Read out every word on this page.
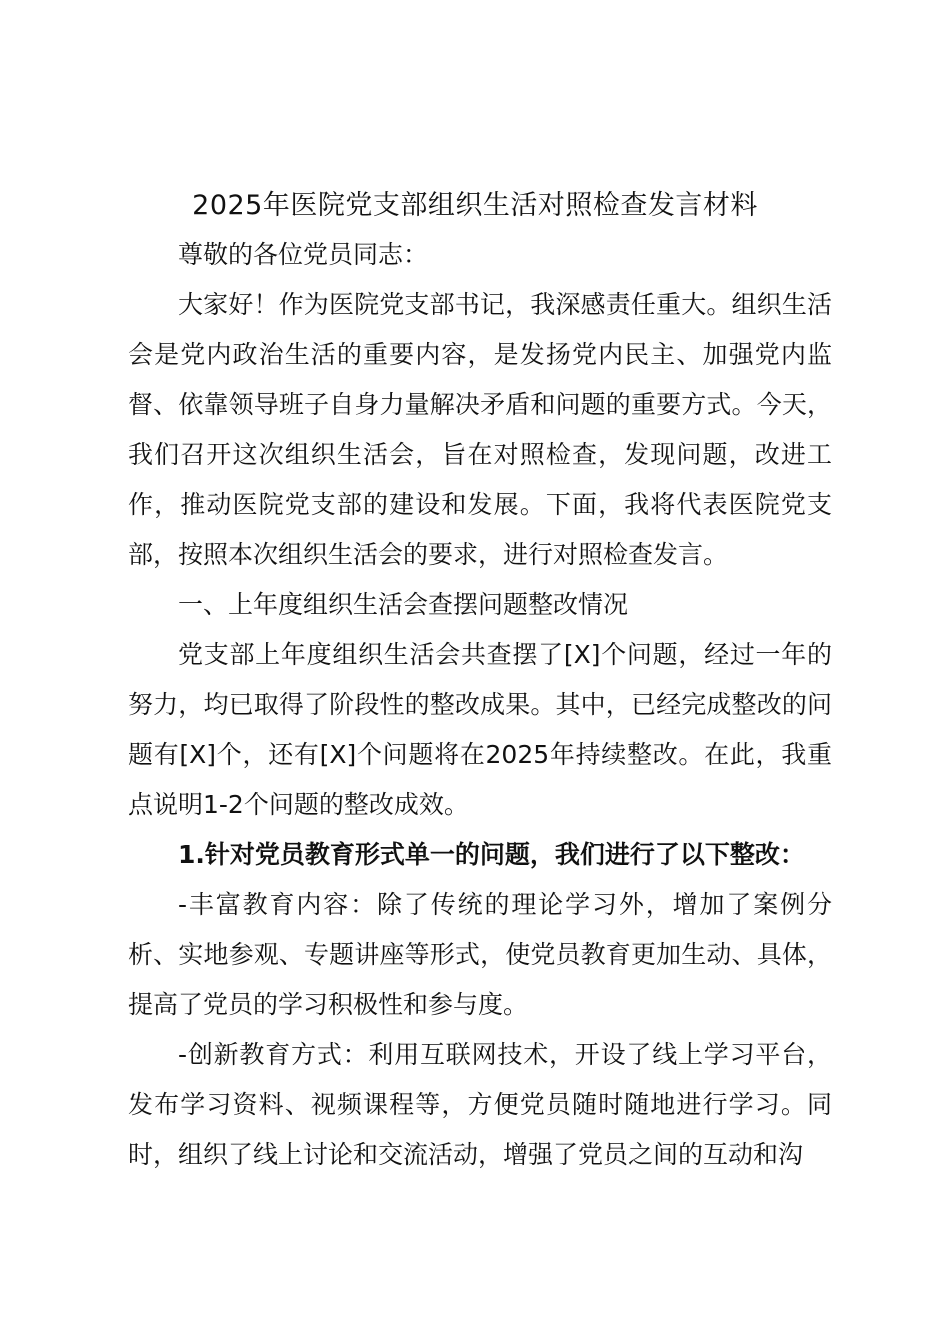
2025年医院党支部组织生活对照检查发言材料
尊敬的各位党员同志：
大家好！作为医院党支部书记，我深感责任重大。组织生活会是党内政治生活的重要内容，是发扬党内民主、加强党内监督、依靠领导班子自身力量解决矛盾和问题的重要方式。今天，我们召开这次组织生活会，旨在对照检查，发现问题，改进工作，推动医院党支部的建设和发展。下面，我将代表医院党支部，按照本次组织生活会的要求，进行对照检查发言。
一、上年度组织生活会查摆问题整改情况
党支部上年度组织生活会共查摆了[X]个问题，经过一年的努力，均已取得了阶段性的整改成果。其中，已经完成整改的问题有[X]个，还有[X]个问题将在2025年持续整改。在此，我重点说明1-2个问题的整改成效。
1.针对党员教育形式单一的问题，我们进行了以下整改：
-丰富教育内容：除了传统的理论学习外，增加了案例分析、实地参观、专题讲座等形式，使党员教育更加生动、具体，提高了党员的学习积极性和参与度。
-创新教育方式：利用互联网技术，开设了线上学习平台，发布学习资料、视频课程等，方便党员随时随地进行学习。同时，组织了线上讨论和交流活动，增强了党员之间的互动和沟
